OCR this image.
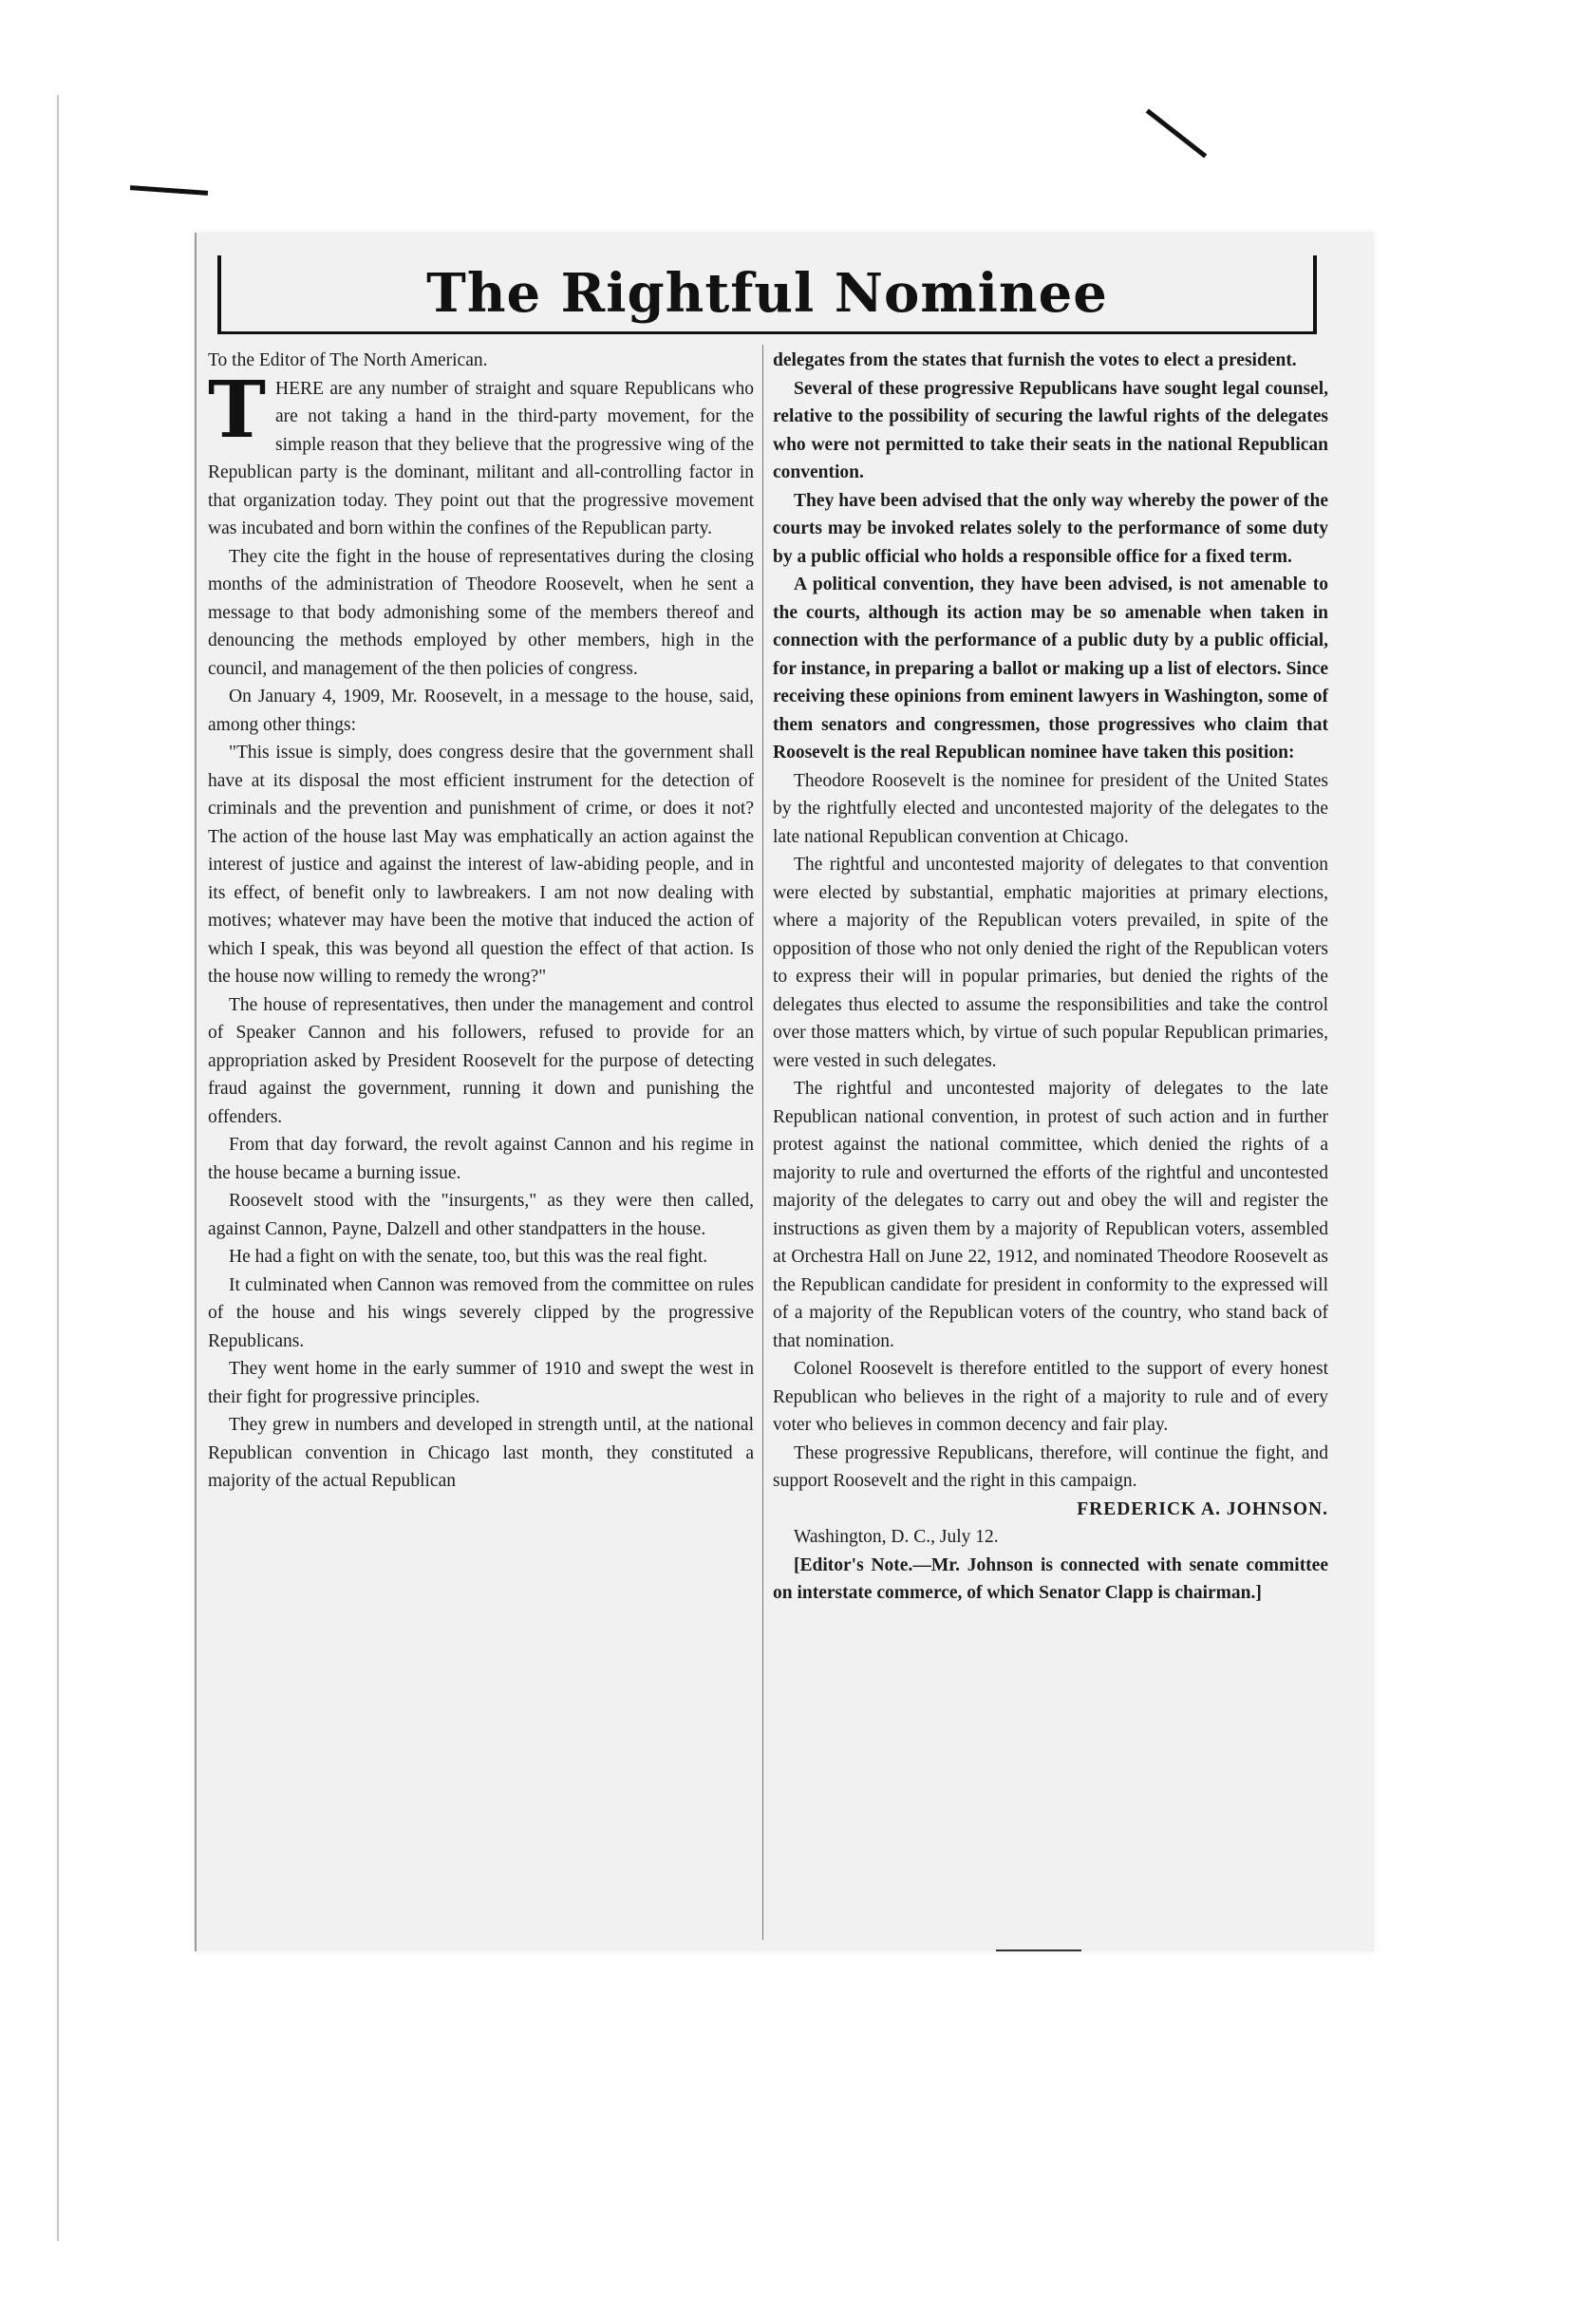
The Rightful Nominee

To the Editor of The North American.

THERE are any number of straight and square Republicans who are not taking a hand in the third-party movement, for the simple reason that they believe that the progressive wing of the Republican party is the dominant, militant and all-controlling factor in that organization today. They point out that the progressive movement was incubated and born within the confines of the Republican party.

They cite the fight in the house of representatives during the closing months of the administration of Theodore Roosevelt, when he sent a message to that body admonishing some of the members thereof and denouncing the methods employed by other members, high in the council, and management of the then policies of congress.

On January 4, 1909, Mr. Roosevelt, in a message to the house, said, among other things:

"This issue is simply, does congress desire that the government shall have at its disposal the most efficient instrument for the detection of criminals and the prevention and punishment of crime, or does it not? The action of the house last May was emphatically an action against the interest of justice and against the interest of law-abiding people, and in its effect, of benefit only to lawbreakers. I am not now dealing with motives; whatever may have been the motive that induced the action of which I speak, this was beyond all question the effect of that action. Is the house now willing to remedy the wrong?"

The house of representatives, then under the management and control of Speaker Cannon and his followers, refused to provide for an appropriation asked by President Roosevelt for the purpose of detecting fraud against the government, running it down and punishing the offenders.

From that day forward, the revolt against Cannon and his regime in the house became a burning issue.

Roosevelt stood with the "insurgents," as they were then called, against Cannon, Payne, Dalzell and other standpatters in the house.

He had a fight on with the senate, too, but this was the real fight.

It culminated when Cannon was removed from the committee on rules of the house and his wings severely clipped by the progressive Republicans.

They went home in the early summer of 1910 and swept the west in their fight for progressive principles.

They grew in numbers and developed in strength until, at the national Republican convention in Chicago last month, they constituted a majority of the actual Republican

delegates from the states that furnish the votes to elect a president.

Several of these progressive Republicans have sought legal counsel, relative to the possibility of securing the lawful rights of the delegates who were not permitted to take their seats in the national Republican convention.

They have been advised that the only way whereby the power of the courts may be invoked relates solely to the performance of some duty by a public official who holds a responsible office for a fixed term.

A political convention, they have been advised, is not amenable to the courts, although its action may be so amenable when taken in connection with the performance of a public duty by a public official, for instance, in preparing a ballot or making up a list of electors. Since receiving these opinions from eminent lawyers in Washington, some of them senators and congressmen, those progressives who claim that Roosevelt is the real Republican nominee have taken this position:

Theodore Roosevelt is the nominee for president of the United States by the rightfully elected and uncontested majority of the delegates to the late national Republican convention at Chicago.

The rightful and uncontested majority of delegates to that convention were elected by substantial, emphatic majorities at primary elections, where a majority of the Republican voters prevailed, in spite of the opposition of those who not only denied the right of the Republican voters to express their will in popular primaries, but denied the rights of the delegates thus elected to assume the responsibilities and take the control over those matters which, by virtue of such popular Republican primaries, were vested in such delegates.

The rightful and uncontested majority of delegates to the late Republican national convention, in protest of such action and in further protest against the national committee, which denied the rights of a majority to rule and overturned the efforts of the rightful and uncontested majority of the delegates to carry out and obey the will and register the instructions as given them by a majority of Republican voters, assembled at Orchestra Hall on June 22, 1912, and nominated Theodore Roosevelt as the Republican candidate for president in conformity to the expressed will of a majority of the Republican voters of the country, who stand back of that nomination.

Colonel Roosevelt is therefore entitled to the support of every honest Republican who believes in the right of a majority to rule and of every voter who believes in common decency and fair play.

These progressive Republicans, therefore, will continue the fight, and support Roosevelt and the right in this campaign.

FREDERICK A. JOHNSON.

Washington, D. C., July 12.

[Editor's Note.—Mr. Johnson is connected with senate committee on interstate commerce, of which Senator Clapp is chairman.]
